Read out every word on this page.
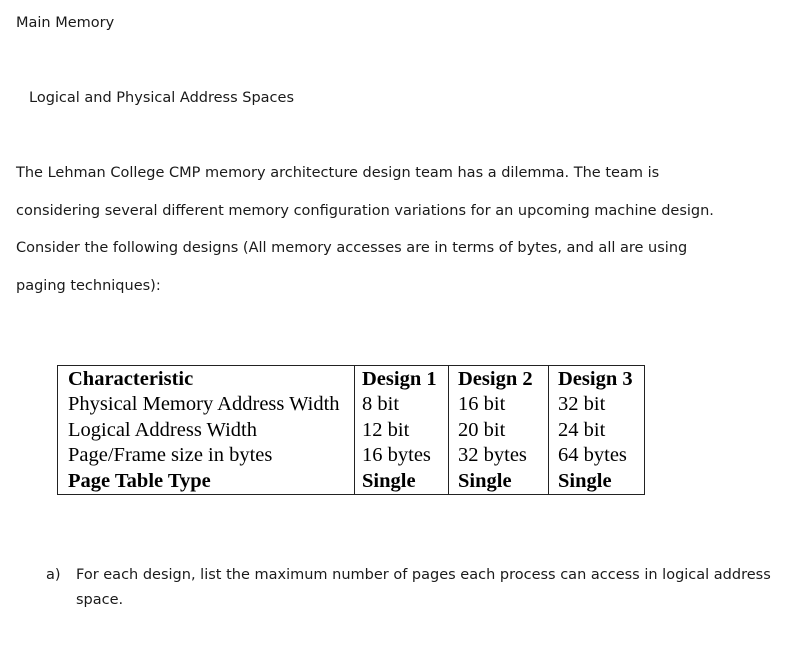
Main Memory
Logical and Physical Address Spaces
The Lehman College CMP memory architecture design team has a dilemma. The team is
considering several different memory configuration variations for an upcoming machine design.
Consider the following designs (All memory accesses are in terms of bytes, and all are using
paging techniques):
Characteristic	Design 1	Design 2	Design 3
Physical Memory Address Width	8 bit	16 bit	32 bit
Logical Address Width	12 bit	20 bit	24 bit
Page/Frame size in bytes	16 bytes	32 bytes	64 bytes
Page Table Type	Single	Single	Single
a) For each design, list the maximum number of pages each process can access in logical address
space.
